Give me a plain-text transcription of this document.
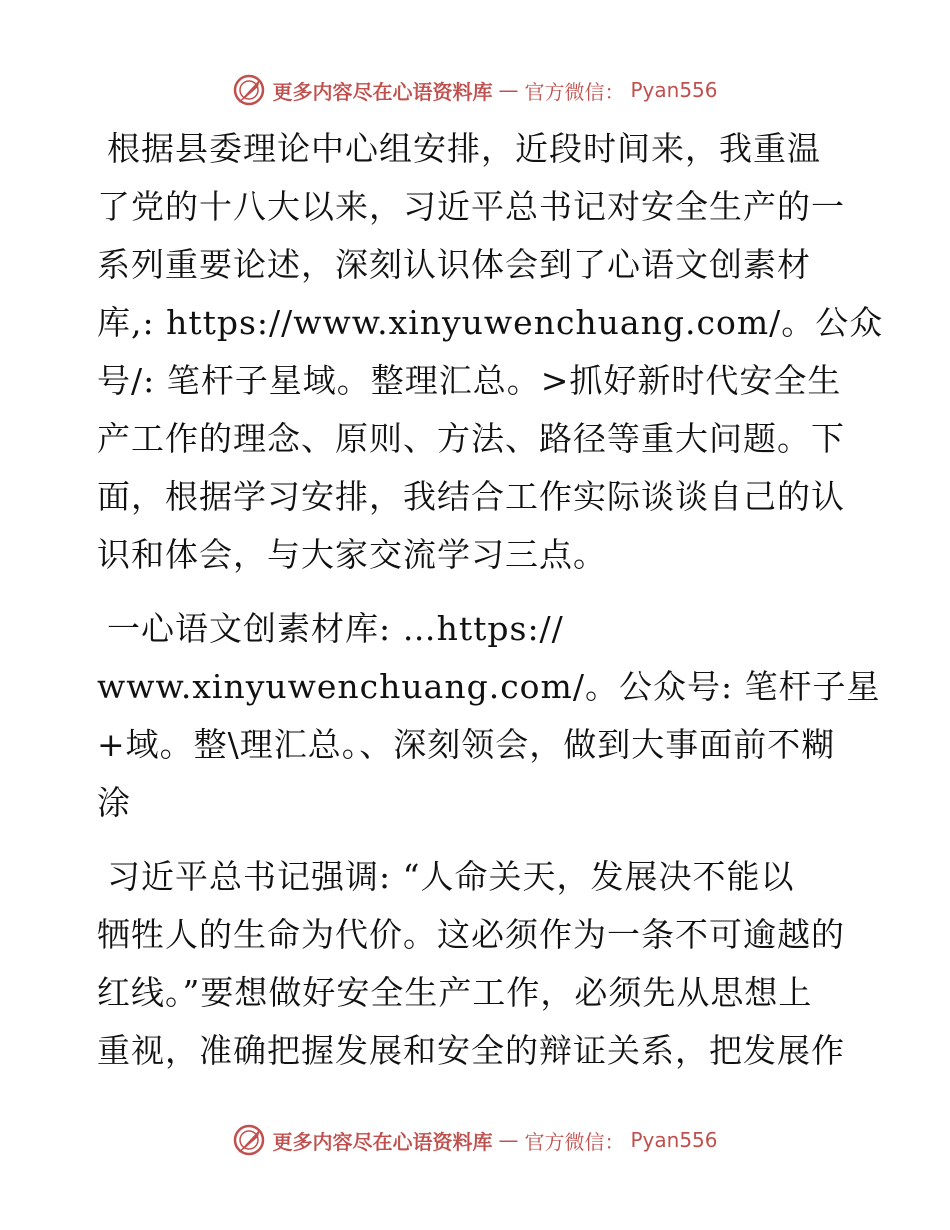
更多内容尽在心语资料库 — 官方微信： Pyan556

根据县委理论中心组安排，近段时间来，我重温
了党的十八大以来，习近平总书记对安全生产的一
系列重要论述，深刻认识体会到了心语文创素材
库,: https://www.xinyuwenchuang.com/。公众
号/: 笔杆子星域。整理汇总。>抓好新时代安全生
产工作的理念、原则、方法、路径等重大问题。下
面，根据学习安排，我结合工作实际谈谈自己的认
识和体会，与大家交流学习三点。

一心语文创素材库: …https://
www.xinyuwenchuang.com/。公众号: 笔杆子星
+域。整\理汇总。、深刻领会，做到大事面前不糊
涂

习近平总书记强调: “人命关天，发展决不能以
牺牲人的生命为代价。这必须作为一条不可逾越的
红线。”要想做好安全生产工作，必须先从思想上
重视，准确把握发展和安全的辩证关系，把发展作

更多内容尽在心语资料库 — 官方微信： Pyan556
